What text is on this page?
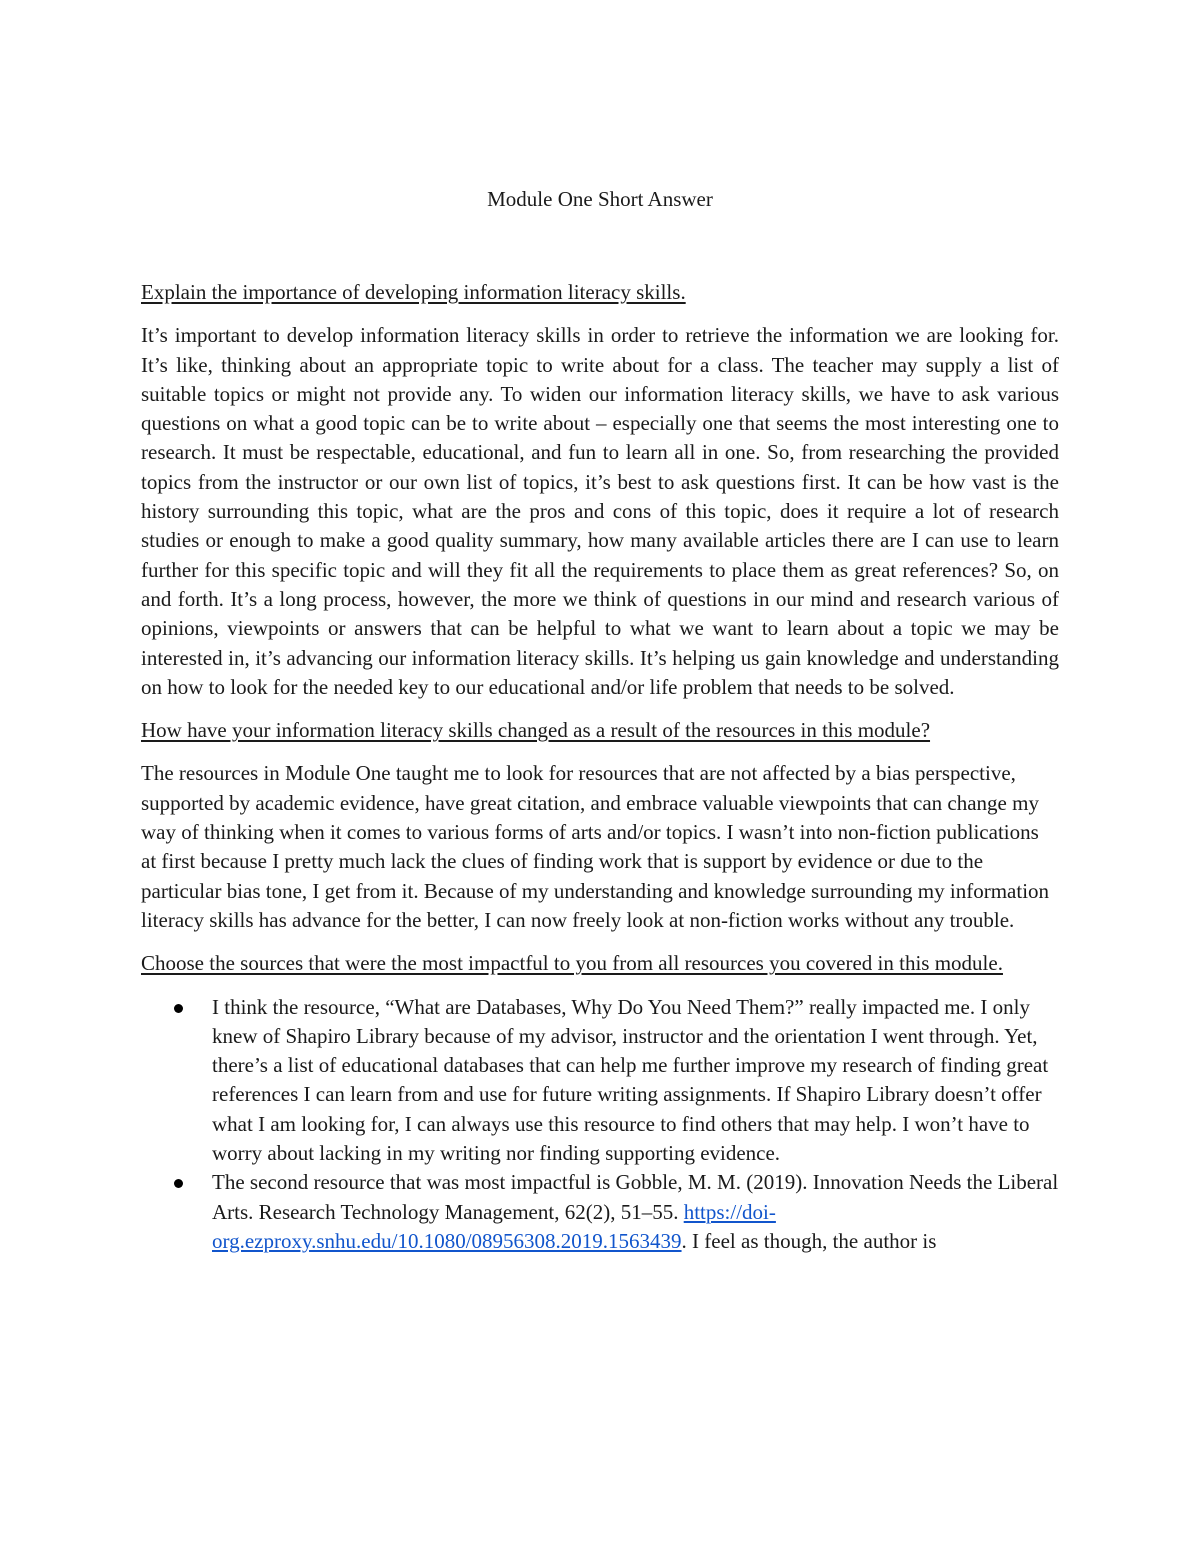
Module One Short Answer
Explain the importance of developing information literacy skills.

It’s important to develop information literacy skills in order to retrieve the information we are looking for. It’s like, thinking about an appropriate topic to write about for a class. The teacher may supply a list of suitable topics or might not provide any. To widen our information literacy skills, we have to ask various questions on what a good topic can be to write about – especially one that seems the most interesting one to research. It must be respectable, educational, and fun to learn all in one. So, from researching the provided topics from the instructor or our own list of topics, it’s best to ask questions first. It can be how vast is the history surrounding this topic, what are the pros and cons of this topic, does it require a lot of research studies or enough to make a good quality summary, how many available articles there are I can use to learn further for this specific topic and will they fit all the requirements to place them as great references? So, on and forth. It’s a long process, however, the more we think of questions in our mind and research various of opinions, viewpoints or answers that can be helpful to what we want to learn about a topic we may be interested in, it’s advancing our information literacy skills. It’s helping us gain knowledge and understanding on how to look for the needed key to our educational and/or life problem that needs to be solved.

How have your information literacy skills changed as a result of the resources in this module?

The resources in Module One taught me to look for resources that are not affected by a bias perspective, supported by academic evidence, have great citation, and embrace valuable viewpoints that can change my way of thinking when it comes to various forms of arts and/or topics. I wasn’t into non-fiction publications at first because I pretty much lack the clues of finding work that is support by evidence or due to the particular bias tone, I get from it. Because of my understanding and knowledge surrounding my information literacy skills has advance for the better, I can now freely look at non-fiction works without any trouble.

Choose the sources that were the most impactful to you from all resources you covered in this module.
I think the resource, “What are Databases, Why Do You Need Them?” really impacted me. I only knew of Shapiro Library because of my advisor, instructor and the orientation I went through. Yet, there’s a list of educational databases that can help me further improve my research of finding great references I can learn from and use for future writing assignments. If Shapiro Library doesn’t offer what I am looking for, I can always use this resource to find others that may help. I won’t have to worry about lacking in my writing nor finding supporting evidence.
The second resource that was most impactful is Gobble, M. M. (2019). Innovation Needs the Liberal Arts. Research Technology Management, 62(2), 51–55. https://doi-org.ezproxy.snhu.edu/10.1080/08956308.2019.1563439. I feel as though, the author is
